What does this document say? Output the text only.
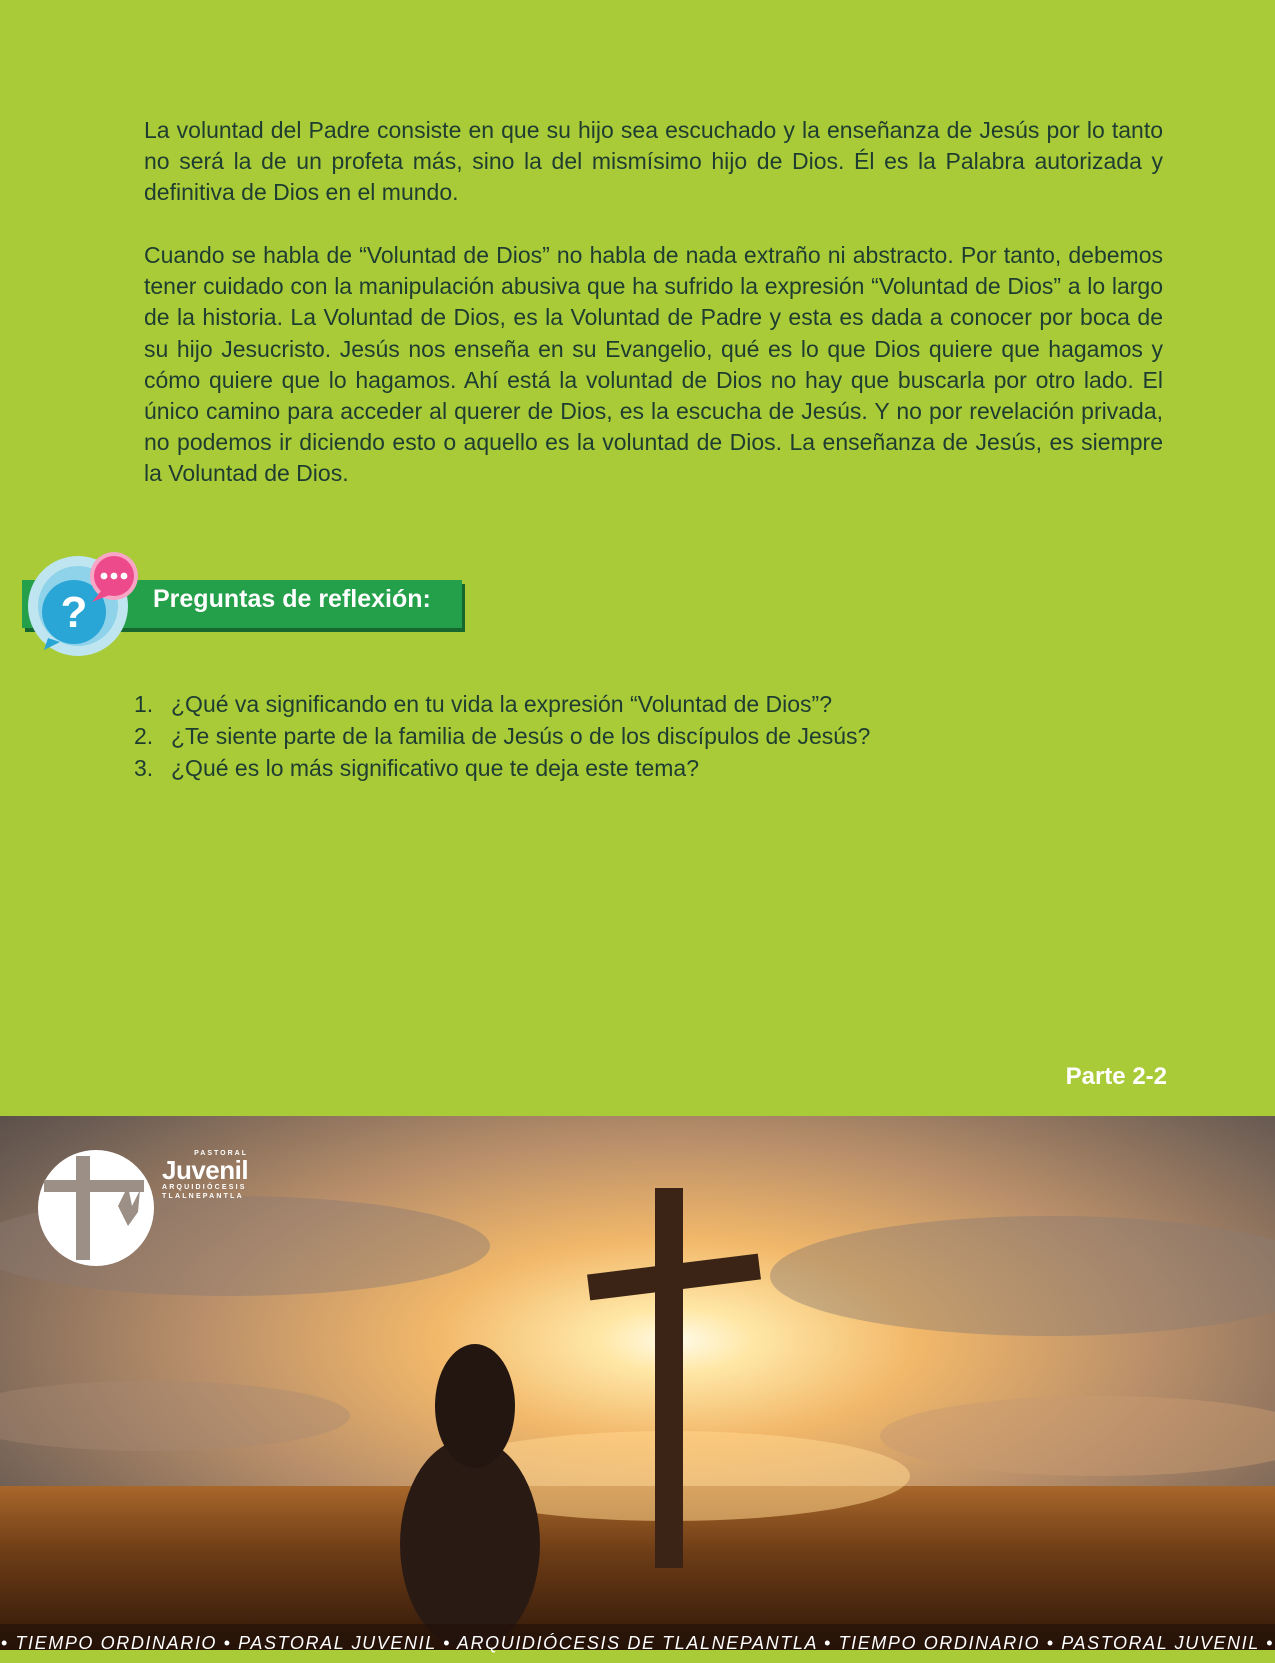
La voluntad del Padre consiste en que su hijo sea escuchado y la enseñanza de Jesús por lo tanto no será la de un profeta más, sino la del mismísimo hijo de Dios. Él es la Palabra autorizada y definitiva de Dios en el mundo.

Cuando se habla de “Voluntad de Dios” no habla de nada extraño ni abstracto. Por tanto, debemos tener cuidado con la manipulación abusiva que ha sufrido la expresión “Voluntad de Dios” a lo largo de la historia. La Voluntad de Dios, es la Voluntad de Padre y esta es dada a conocer por boca de su hijo Jesucristo. Jesús nos enseña en su Evangelio, qué es lo que Dios quiere que hagamos y cómo quiere que lo hagamos. Ahí está la voluntad de Dios no hay que buscarla por otro lado. El único camino para acceder al querer de Dios, es la escucha de Jesús. Y no por revelación privada, no podemos ir diciendo esto o aquello es la voluntad de Dios. La enseñanza de Jesús, es siempre la Voluntad de Dios.

?	Preguntas de reflexión:
1. ¿Qué va significando en tu vida la expresión “Voluntad de Dios”?
2. ¿Te siente parte de la familia de Jesús o de los discípulos de Jesús?
3. ¿Qué es lo más significativo que te deja este tema?
Parte 2-2
PASTORAL
Juvenil
ARQUIDIÓCESIS
TLALNEPANTLA
• TIEMPO ORDINARIO • PASTORAL JUVENIL • ARQUIDIÓCESIS DE TLALNEPANTLA • TIEMPO ORDINARIO • PASTORAL JUVENIL •
